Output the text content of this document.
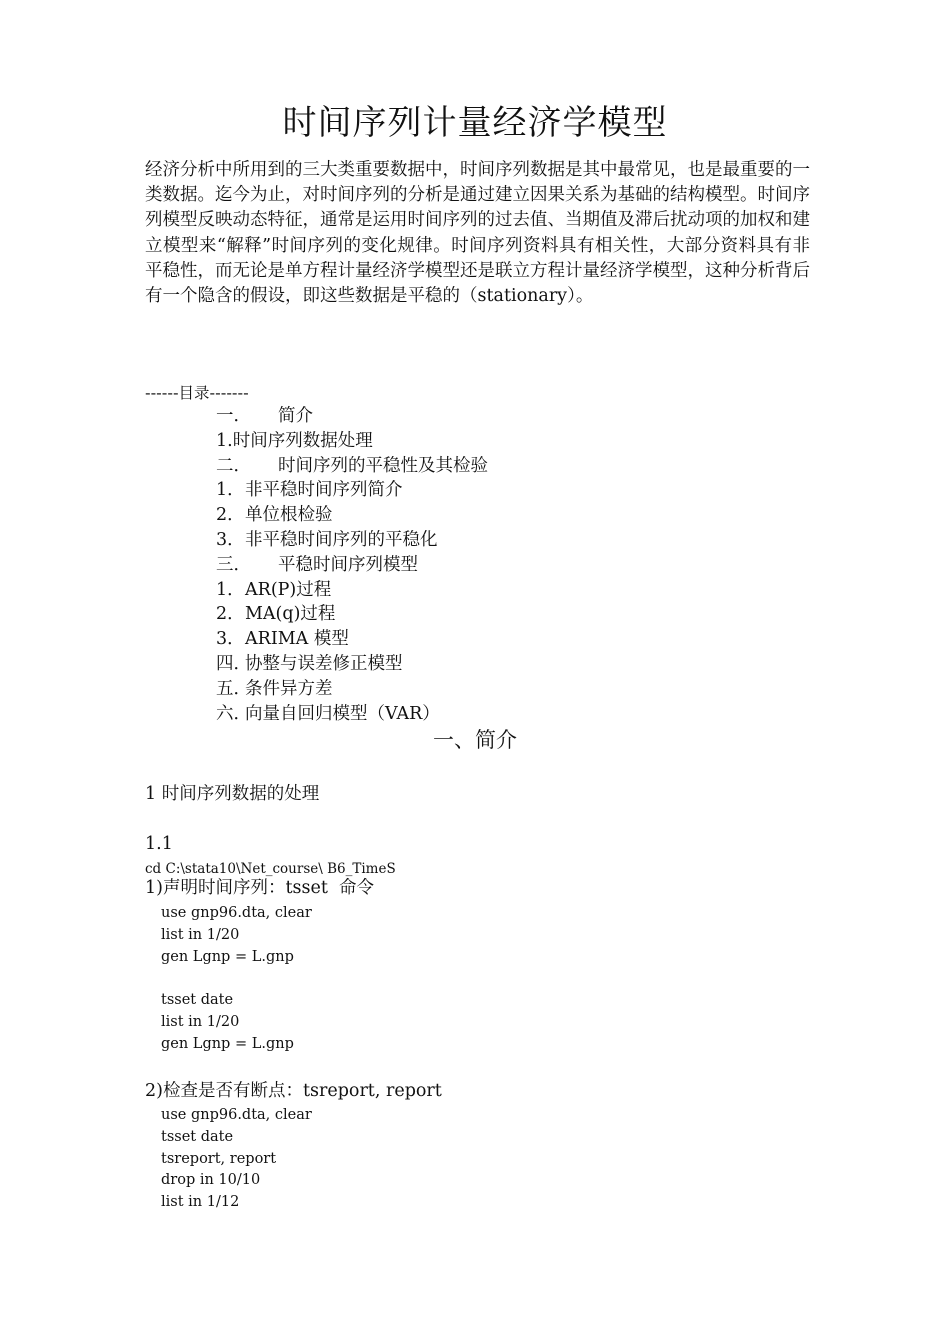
时间序列计量经济学模型

经济分析中所用到的三大类重要数据中，时间序列数据是其中最常见，也是最重要的一类数据。迄今为止，对时间序列的分析是通过建立因果关系为基础的结构模型。时间序列模型反映动态特征，通常是运用时间序列的过去值、当期值及滞后扰动项的加权和建立模型来“解释”时间序列的变化规律。时间序列资料具有相关性，大部分资料具有非平稳性，而无论是单方程计量经济学模型还是联立方程计量经济学模型，这种分析背后有一个隐含的假设，即这些数据是平稳的（stationary）。

------目录-------
一． 简介
1.时间序列数据处理
二． 时间序列的平稳性及其检验
1．非平稳时间序列简介
2．单位根检验
3．非平稳时间序列的平稳化
三． 平稳时间序列模型
1．AR(P)过程
2．MA(q)过程
3．ARIMA 模型
四．协整与误差修正模型
五．条件异方差
六．向量自回归模型（VAR）
一、简介
1 时间序列数据的处理
1.1
cd C:\stata10\Net_course\ B6_TimeS
1)声明时间序列：tsset  命令
use gnp96.dta, clear
list in 1/20
gen Lgnp = L.gnp
tsset date
list in 1/20
gen Lgnp = L.gnp
2)检查是否有断点：tsreport, report
use gnp96.dta, clear
tsset date
tsreport, report
drop in 10/10
list in 1/12
